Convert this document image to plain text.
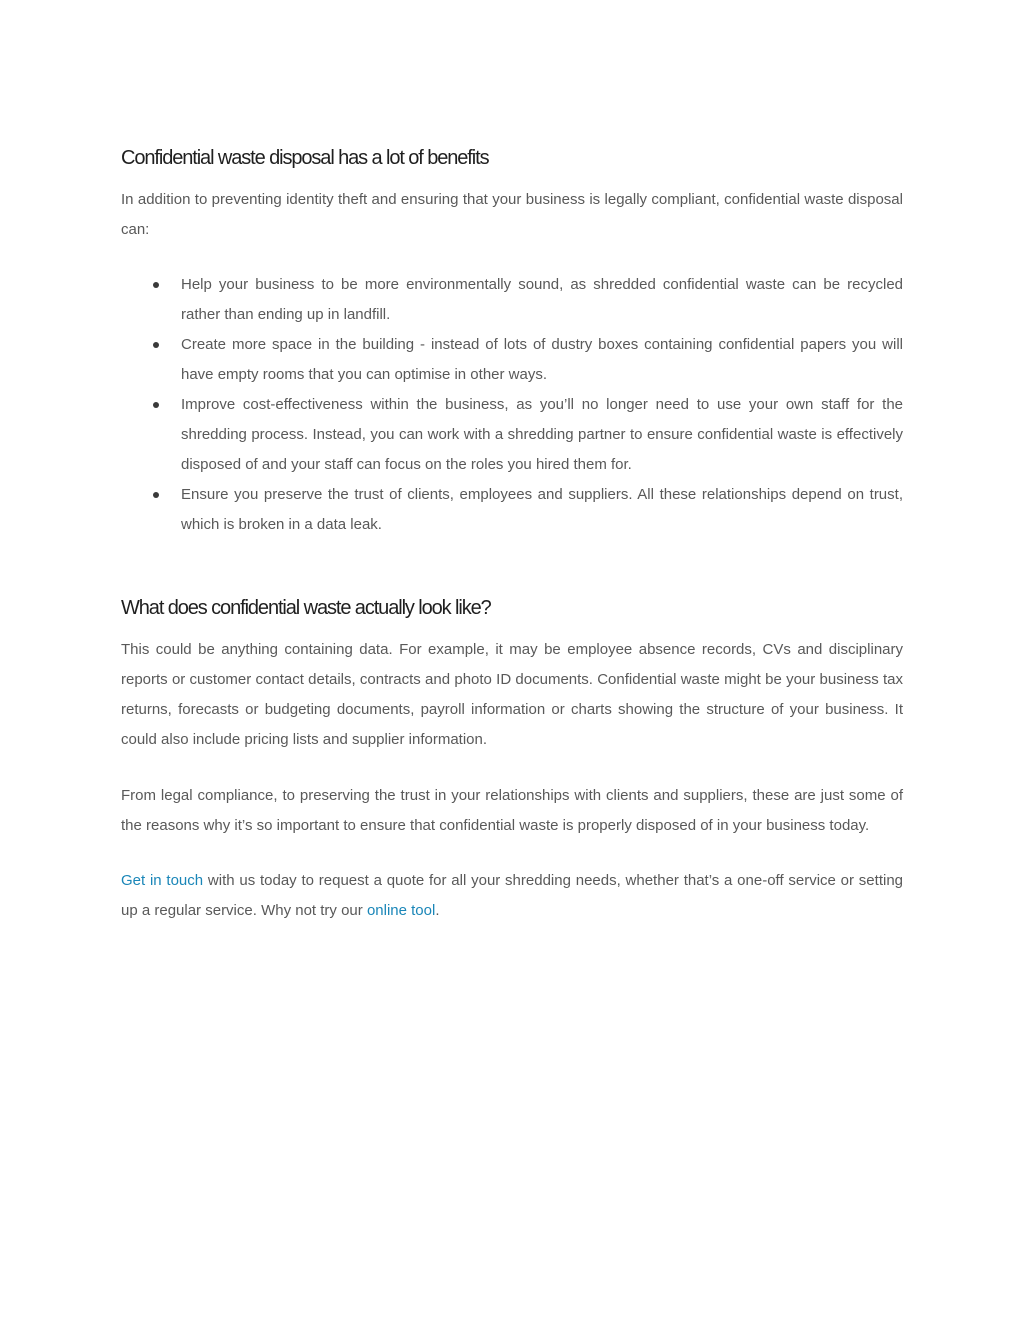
Confidential waste disposal has a lot of benefits

In addition to preventing identity theft and ensuring that your business is legally compliant, confidential waste disposal can:

Help your business to be more environmentally sound, as shredded confidential waste can be recycled rather than ending up in landfill.
Create more space in the building - instead of lots of dustry boxes containing confidential papers you will have empty rooms that you can optimise in other ways.
Improve cost-effectiveness within the business, as you’ll no longer need to use your own staff for the shredding process. Instead, you can work with a shredding partner to ensure confidential waste is effectively disposed of and your staff can focus on the roles you hired them for.
Ensure you preserve the trust of clients, employees and suppliers. All these relationships depend on trust, which is broken in a data leak.
What does confidential waste actually look like?

This could be anything containing data. For example, it may be employee absence records, CVs and disciplinary reports or customer contact details, contracts and photo ID documents. Confidential waste might be your business tax returns, forecasts or budgeting documents, payroll information or charts showing the structure of your business. It could also include pricing lists and supplier information.

From legal compliance, to preserving the trust in your relationships with clients and suppliers, these are just some of the reasons why it’s so important to ensure that confidential waste is properly disposed of in your business today.

Get in touch with us today to request a quote for all your shredding needs, whether that’s a one-off service or setting up a regular service. Why not try our online tool.
